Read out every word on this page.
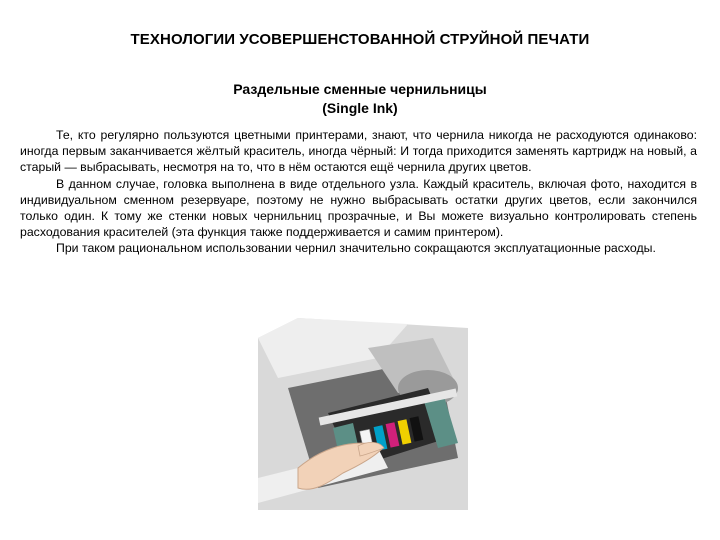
ТЕХНОЛОГИИ УСОВЕРШЕНСТОВАННОЙ СТРУЙНОЙ ПЕЧАТИ
Раздельные сменные чернильницы
(Single Ink)

Те, кто регулярно пользуются цветными принтерами, знают, что чернила никогда не расходуются одинаково: иногда первым заканчивается жёлтый краситель, иногда чёрный: И тогда приходится заменять картридж на новый, а старый — выбрасывать, несмотря на то, что в нём остаются ещё чернила других цветов.

В данном случае, головка выполнена в виде отдельного узла. Каждый краситель, включая фото, находится в индивидуальном сменном резервуаре, поэтому не нужно выбрасывать остатки других цветов, если закончился только один. К тому же стенки новых чернильниц прозрачные, и Вы можете визуально контролировать степень расходования красителей (эта функция также поддерживается и самим принтером).

При таком рациональном использовании чернил значительно сокращаются эксплуатационные расходы.
